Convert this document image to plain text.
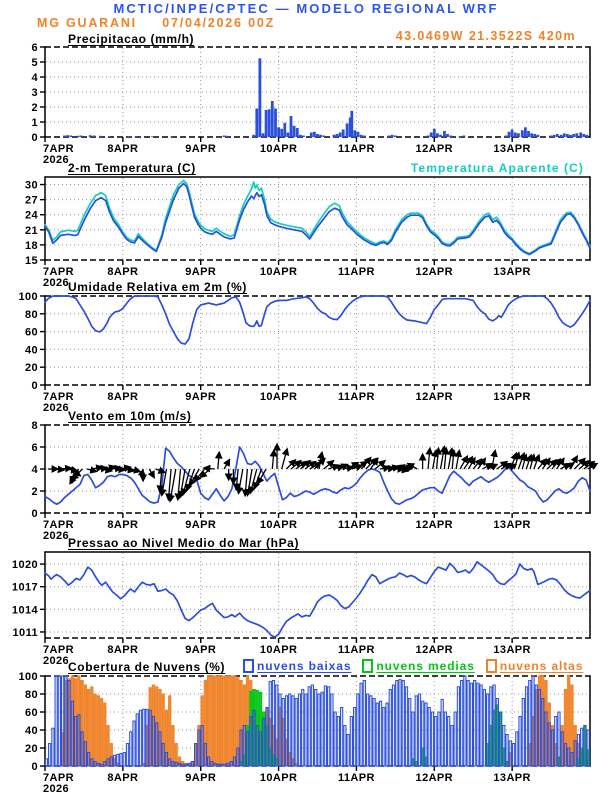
MCTIC/INPE/CPTEC — MODELO REGIONAL WRF
MG GUARANI 07/04/2026 00Z
43.0469W 21.3522S 420m
Precipitacao (mm/h)
2-m Temperatura (C)	Temperatura Aparente (C)
Umidade Relativa em 2m (%)
Vento em 10m (m/s)
Pressao ao Nivel Medio do Mar (hPa)
Cobertura de Nuvens (%)	nuvens baixas nuvens medias nuvens altas
0
1
2
3
4
5
6
7APR
2026
8APR	9APR	10APR	11APR	12APR	13APR
15
18
21
24
27
30
7APR
2026
8APR	9APR	10APR	11APR	12APR	13APR
0
20
40
60
80
100
7APR
2026
8APR	9APR	10APR	11APR	12APR	13APR
0
2
4
6
8
7APR
2026
8APR	9APR	10APR	11APR	12APR	13APR
1011
1014
1017
1020
7APR
2026
8APR	9APR	10APR	11APR	12APR	13APR
0
20
40
60
80
100
7APR
2026
8APR	9APR	10APR	11APR	12APR	13APR
